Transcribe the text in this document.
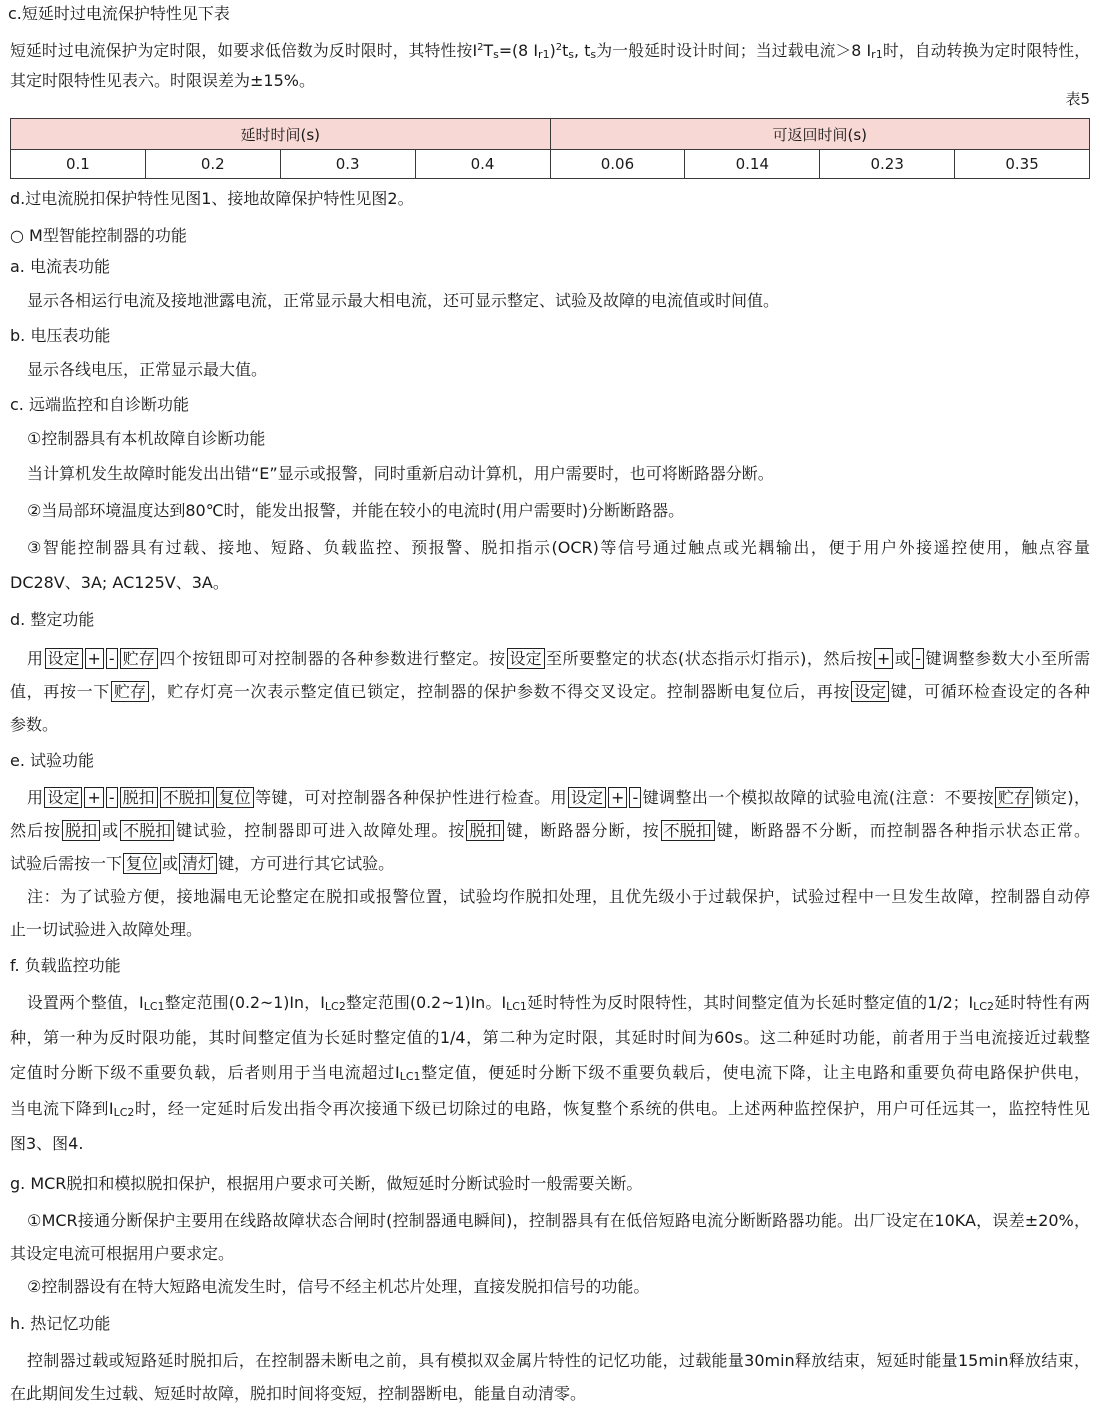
c.短延时过电流保护特性见下表
短延时过电流保护为定时限，如要求低倍数为反时限时，其特性按$I^2Ts=(8$ Ir1)$^2$ts, ts为一般延时设计时间；当过载电流＞8 Ir1时，自动转换为定时限特性，
其定时限特性见表六。时限误差为±15%。
表5
延时时间(s)				可返回时间(s)			
0.1	0.2	0.3	0.4	0.06	0.14	0.23	0.35
d.过电流脱扣保护特性见图1、接地故障保护特性见图2。
○ M型智能控制器的功能
a. 电流表功能
显示各相运行电流及接地泄露电流，正常显示最大相电流，还可显示整定、试验及故障的电流值或时间值。
b. 电压表功能
显示各线电压，正常显示最大值。
c. 远端监控和自诊断功能
①控制器具有本机故障自诊断功能
当计算机发生故障时能发出出错“E”显示或报警，同时重新启动计算机，用户需要时，也可将断路器分断。
②当局部环境温度达到80℃时，能发出报警，并能在较小的电流时(用户需要时)分断断路器。
③智能控制器具有过载、接地、短路、负载监控、预报警、脱扣指示(OCR)等信号通过触点或光耦输出，便于用户外接遥控使用，触点容量
DC28V、3A; AC125V、3A。
d. 整定功能
用 设定 + - 贮存 四个按钮即可对控制器的各种参数进行整定。按 设定 至所要整定的状态(状态指示灯指示)，然后按 + 或 - 键调整参数大小至所需
值，再按一下 贮存 ，贮存灯亮一次表示整定值已锁定，控制器的保护参数不得交叉设定。控制器断电复位后，再按 设定 键，可循环检查设定的各种
参数。
e. 试验功能
用 设定 + - 脱扣 不脱扣 复位 等键，可对控制器各种保护性进行检查。用 设定 + - 键调整出一个模拟故障的试验电流(注意：不要按 贮存 锁定)，
然后按 脱扣 或 不脱扣 键试验，控制器即可进入故障处理。按 脱扣 键，断路器分断，按 不脱扣 键，断路器不分断，而控制器各种指示状态正常。
试验后需按一下 复位 或 清灯 键，方可进行其它试验。
注：为了试验方便，接地漏电无论整定在脱扣或报警位置，试验均作脱扣处理，且优先级小于过载保护，试验过程中一旦发生故障，控制器自动停
止一切试验进入故障处理。
f. 负载监控功能
设置两个整值，ILC1整定范围(0.2~1)In，ILC2整定范围(0.2~1)In。ILC1延时特性为反时限特性，其时间整定值为长延时整定值的1/2；ILC2延时特性有两
种，第一种为反时限功能，其时间整定值为长延时整定值的1/4，第二种为定时限，其延时时间为60s。这二种延时功能，前者用于当电流接近过载整
定值时分断下级不重要负载，后者则用于当电流超过ILC1整定值，便延时分断下级不重要负载后，使电流下降，让主电路和重要负荷电路保护供电，
当电流下降到ILC2时，经一定延时后发出指令再次接通下级已切除过的电路，恢复整个系统的供电。上述两种监控保护，用户可任远其一，监控特性见
图3、图4.
g. MCR脱扣和模拟脱扣保护，根据用户要求可关断，做短延时分断试验时一般需要关断。
①MCR接通分断保护主要用在线路故障状态合闸时(控制器通电瞬间)，控制器具有在低倍短路电流分断断路器功能。出厂设定在10KA，误差±20%，
其设定电流可根据用户要求定。
②控制器设有在特大短路电流发生时，信号不经主机芯片处理，直接发脱扣信号的功能。
h. 热记忆功能
控制器过载或短路延时脱扣后，在控制器未断电之前，具有模拟双金属片特性的记忆功能，过载能量30min释放结束，短延时能量15min释放结束，
在此期间发生过载、短延时故障，脱扣时间将变短，控制器断电，能量自动清零。
